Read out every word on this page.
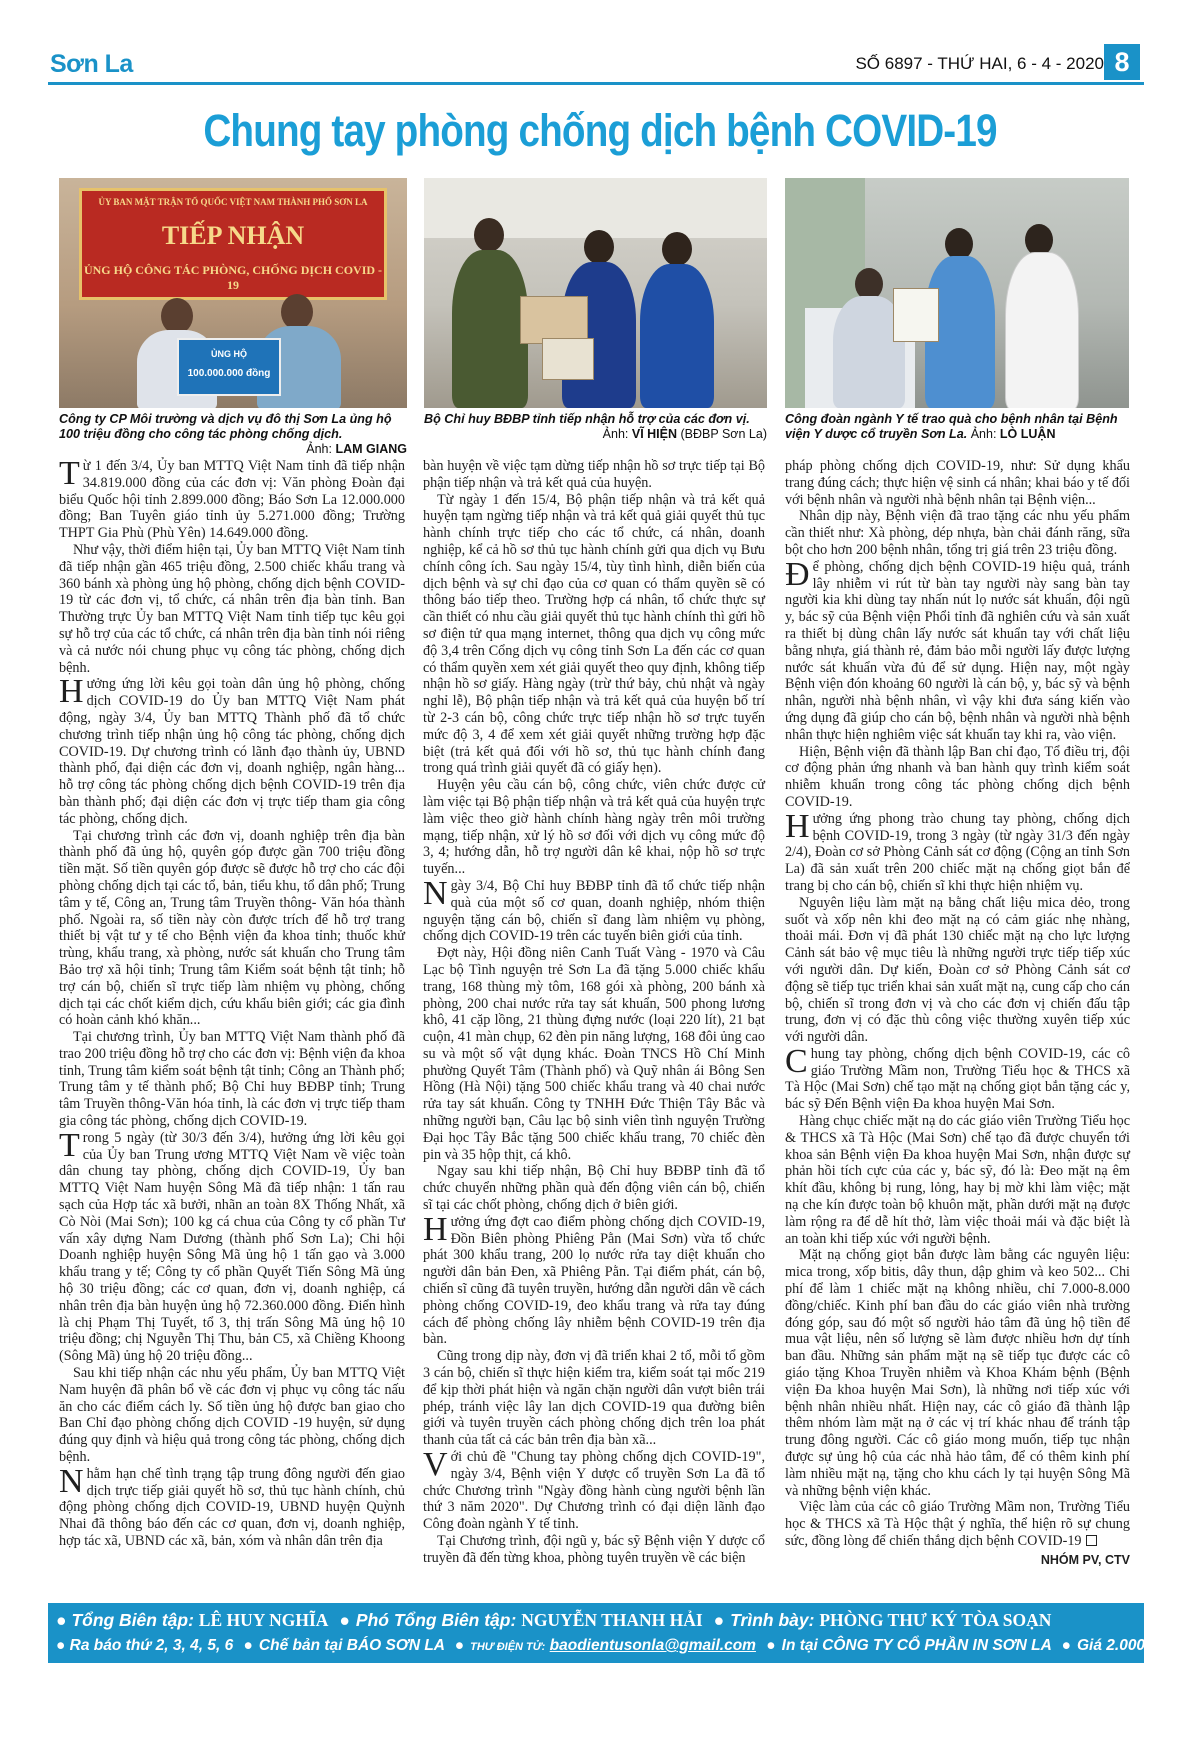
Sơn La	SỐ 6897 - THỨ HAI, 6 - 4 - 2020 8
Chung tay phòng chống dịch bệnh COVID-19
ỦY BAN MẶT TRẬN TỔ QUỐC VIỆT NAM THÀNH PHỐ SƠN LA
TIẾP NHẬN
ỦNG HỘ CÔNG TÁC PHÒNG, CHỐNG DỊCH COVID - 19
ỦNG HỘ
100.000.000 đồng
Công ty CP Môi trường và dịch vụ đô thị Sơn La ủng hộ 100 triệu đồng cho công tác phòng chống dịch.
Ảnh: LAM GIANG
Bộ Chỉ huy BĐBP tỉnh tiếp nhận hỗ trợ của các đơn vị.
Ảnh: VĨ HIỆN (BĐBP Sơn La)
Công đoàn ngành Y tế trao quà cho bệnh nhân tại Bệnh viện Y dược cổ truyền Sơn La. Ảnh: LÒ LUẬN

Từ 1 đến 3/4, Ủy ban MTTQ Việt Nam tỉnh đã tiếp nhận 34.819.000 đồng của các đơn vị: Văn phòng Đoàn đại biểu Quốc hội tỉnh 2.899.000 đồng; Báo Sơn La 12.000.000 đồng; Ban Tuyên giáo tỉnh ủy 5.271.000 đồng; Trường THPT Gia Phù (Phù Yên) 14.649.000 đồng.

Như vậy, thời điểm hiện tại, Ủy ban MTTQ Việt Nam tỉnh đã tiếp nhận gần 465 triệu đồng, 2.500 chiếc khẩu trang và 360 bánh xà phòng ủng hộ phòng, chống dịch bệnh COVID-19 từ các đơn vị, tổ chức, cá nhân trên địa bàn tỉnh. Ban Thường trực Ủy ban MTTQ Việt Nam tỉnh tiếp tục kêu gọi sự hỗ trợ của các tổ chức, cá nhân trên địa bàn tỉnh nói riêng và cả nước nói chung phục vụ công tác phòng, chống dịch bệnh.

Hưởng ứng lời kêu gọi toàn dân ủng hộ phòng, chống dịch COVID-19 do Ủy ban MTTQ Việt Nam phát động, ngày 3/4, Ủy ban MTTQ Thành phố đã tổ chức chương trình tiếp nhận ủng hộ công tác phòng, chống dịch COVID-19. Dự chương trình có lãnh đạo thành ủy, UBND thành phố, đại diện các đơn vị, doanh nghiệp, ngân hàng... hỗ trợ công tác phòng chống dịch bệnh COVID-19 trên địa bàn thành phố; đại diện các đơn vị trực tiếp tham gia công tác phòng, chống dịch.

Tại chương trình các đơn vị, doanh nghiệp trên địa bàn thành phố đã ủng hộ, quyên góp được gần 700 triệu đồng tiền mặt. Số tiền quyên góp được sẽ được hỗ trợ cho các đội phòng chống dịch tại các tổ, bản, tiểu khu, tổ dân phố; Trung tâm y tế, Công an, Trung tâm Truyền thông- Văn hóa thành phố. Ngoài ra, số tiền này còn được trích để hỗ trợ trang thiết bị vật tư y tế cho Bệnh viện đa khoa tỉnh; thuốc khử trùng, khẩu trang, xà phòng, nước sát khuẩn cho Trung tâm Bảo trợ xã hội tỉnh; Trung tâm Kiểm soát bệnh tật tỉnh; hỗ trợ cán bộ, chiến sĩ trực tiếp làm nhiệm vụ phòng, chống dịch tại các chốt kiểm dịch, cứu khẩu biên giới; các gia đình có hoàn cảnh khó khăn...

Tại chương trình, Ủy ban MTTQ Việt Nam thành phố đã trao 200 triệu đồng hỗ trợ cho các đơn vị: Bệnh viện đa khoa tỉnh, Trung tâm kiểm soát bệnh tật tỉnh; Công an Thành phố; Trung tâm y tế thành phố; Bộ Chỉ huy BĐBP tỉnh; Trung tâm Truyền thông-Văn hóa tỉnh, là các đơn vị trực tiếp tham gia công tác phòng, chống dịch COVID-19.

Trong 5 ngày (từ 30/3 đến 3/4), hưởng ứng lời kêu gọi của Ủy ban Trung ương MTTQ Việt Nam về việc toàn dân chung tay phòng, chống dịch COVID-19, Ủy ban MTTQ Việt Nam huyện Sông Mã đã tiếp nhận: 1 tấn rau sạch của Hợp tác xã bưởi, nhãn an toàn 8X Thống Nhất, xã Cò Nòi (Mai Sơn); 100 kg cá chua của Công ty cổ phần Tư vấn xây dựng Nam Dương (thành phố Sơn La); Chi hội Doanh nghiệp huyện Sông Mã ủng hộ 1 tấn gạo và 3.000 khẩu trang y tế; Công ty cổ phần Quyết Tiến Sông Mã ủng hộ 30 triệu đồng; các cơ quan, đơn vị, doanh nghiệp, cá nhân trên địa bàn huyện ủng hộ 72.360.000 đồng. Điển hình là chị Phạm Thị Tuyết, tổ 3, thị trấn Sông Mã ủng hộ 10 triệu đồng; chị Nguyễn Thị Thu, bản C5, xã Chiềng Khoong (Sông Mã) ủng hộ 20 triệu đồng...

Sau khi tiếp nhận các nhu yếu phẩm, Ủy ban MTTQ Việt Nam huyện đã phân bổ về các đơn vị phục vụ công tác nấu ăn cho các điểm cách ly. Số tiền ủng hộ được ban giao cho Ban Chỉ đạo phòng chống dịch COVID -19 huyện, sử dụng đúng quy định và hiệu quả trong công tác phòng, chống dịch bệnh.

Nhằm hạn chế tình trạng tập trung đông người đến giao dịch trực tiếp giải quyết hồ sơ, thủ tục hành chính, chủ động phòng chống dịch COVID-19, UBND huyện Quỳnh Nhai đã thông báo đến các cơ quan, đơn vị, doanh nghiệp, hợp tác xã, UBND các xã, bản, xóm và nhân dân trên địa

bàn huyện về việc tạm dừng tiếp nhận hồ sơ trực tiếp tại Bộ phận tiếp nhận và trả kết quả của huyện.

Từ ngày 1 đến 15/4, Bộ phận tiếp nhận và trả kết quả huyện tạm ngừng tiếp nhận và trả kết quả giải quyết thủ tục hành chính trực tiếp cho các tổ chức, cá nhân, doanh nghiệp, kể cả hồ sơ thủ tục hành chính gửi qua dịch vụ Bưu chính công ích. Sau ngày 15/4, tùy tình hình, diễn biến của dịch bệnh và sự chỉ đạo của cơ quan có thẩm quyền sẽ có thông báo tiếp theo. Trường hợp cá nhân, tổ chức thực sự cần thiết có nhu cầu giải quyết thủ tục hành chính thì gửi hồ sơ điện tử qua mạng internet, thông qua dịch vụ công mức độ 3,4 trên Cổng dịch vụ công tỉnh Sơn La đến các cơ quan có thẩm quyền xem xét giải quyết theo quy định, không tiếp nhận hồ sơ giấy. Hàng ngày (trừ thứ bảy, chủ nhật và ngày nghỉ lễ), Bộ phận tiếp nhận và trả kết quả của huyện bố trí từ 2-3 cán bộ, công chức trực tiếp nhận hồ sơ trực tuyến mức độ 3, 4 để xem xét giải quyết những trường hợp đặc biệt (trả kết quả đối với hồ sơ, thủ tục hành chính đang trong quá trình giải quyết đã có giấy hẹn).

Huyện yêu cầu cán bộ, công chức, viên chức được cử làm việc tại Bộ phận tiếp nhận và trả kết quả của huyện trực làm việc theo giờ hành chính hàng ngày trên môi trường mạng, tiếp nhận, xử lý hồ sơ đối với dịch vụ công mức độ 3, 4; hướng dẫn, hỗ trợ người dân kê khai, nộp hồ sơ trực tuyến...

Ngày 3/4, Bộ Chỉ huy BĐBP tỉnh đã tổ chức tiếp nhận quà của một số cơ quan, doanh nghiệp, nhóm thiện nguyện tặng cán bộ, chiến sĩ đang làm nhiệm vụ phòng, chống dịch COVID-19 trên các tuyến biên giới của tỉnh.

Đợt này, Hội đồng niên Canh Tuất Vàng - 1970 và Câu Lạc bộ Tình nguyện trẻ Sơn La đã tặng 5.000 chiếc khẩu trang, 168 thùng mỳ tôm, 168 gói xà phòng, 200 bánh xà phòng, 200 chai nước rửa tay sát khuẩn, 500 phong lương khô, 41 cặp lồng, 21 thùng đựng nước (loại 220 lít), 21 bạt cuộn, 41 màn chụp, 62 đèn pin năng lượng, 168 đôi ủng cao su và một số vật dụng khác. Đoàn TNCS Hồ Chí Minh phường Quyết Tâm (Thành phố) và Quỹ nhân ái Bông Sen Hồng (Hà Nội) tặng 500 chiếc khẩu trang và 40 chai nước rửa tay sát khuẩn. Công ty TNHH Đức Thiện Tây Bắc và những người bạn, Câu lạc bộ sinh viên tình nguyện Trường Đại học Tây Bắc tặng 500 chiếc khẩu trang, 70 chiếc đèn pin và 35 hộp thịt, cá khô.

Ngay sau khi tiếp nhận, Bộ Chỉ huy BĐBP tỉnh đã tổ chức chuyển những phần quà đến động viên cán bộ, chiến sĩ tại các chốt phòng, chống dịch ở biên giới.

Hưởng ứng đợt cao điểm phòng chống dịch COVID-19, Đồn Biên phòng Phiêng Pằn (Mai Sơn) vừa tổ chức phát 300 khẩu trang, 200 lọ nước rửa tay diệt khuẩn cho người dân bản Đen, xã Phiêng Pằn. Tại điểm phát, cán bộ, chiến sĩ cũng đã tuyên truyền, hướng dẫn người dân về cách phòng chống COVID-19, đeo khẩu trang và rửa tay đúng cách để phòng chống lây nhiễm bệnh COVID-19 trên địa bàn.

Cũng trong dịp này, đơn vị đã triển khai 2 tổ, mỗi tổ gồm 3 cán bộ, chiến sĩ thực hiện kiểm tra, kiểm soát tại mốc 219 để kịp thời phát hiện và ngăn chặn người dân vượt biên trái phép, tránh việc lây lan dịch COVID-19 qua đường biên giới và tuyên truyền cách phòng chống dịch trên loa phát thanh của tất cả các bản trên địa bàn xã...

Với chủ đề "Chung tay phòng chống dịch COVID-19", ngày 3/4, Bệnh viện Y dược cổ truyền Sơn La đã tổ chức Chương trình "Ngày đồng hành cùng người bệnh lần thứ 3 năm 2020". Dự Chương trình có đại diện lãnh đạo Công đoàn ngành Y tế tỉnh.

Tại Chương trình, đội ngũ y, bác sỹ Bệnh viện Y dược cổ truyền đã đến từng khoa, phòng tuyên truyền về các biện

pháp phòng chống dịch COVID-19, như: Sử dụng khẩu trang đúng cách; thực hiện vệ sinh cá nhân; khai báo y tế đối với bệnh nhân và người nhà bệnh nhân tại Bệnh viện...

Nhân dịp này, Bệnh viện đã trao tặng các nhu yếu phẩm cần thiết như: Xà phòng, dép nhựa, bàn chải đánh răng, sữa bột cho hơn 200 bệnh nhân, tổng trị giá trên 23 triệu đồng.

Để phòng, chống dịch bệnh COVID-19 hiệu quả, tránh lây nhiễm vi rút từ bàn tay người này sang bàn tay người kia khi dùng tay nhấn nút lọ nước sát khuẩn, đội ngũ y, bác sỹ của Bệnh viện Phổi tỉnh đã nghiên cứu và sản xuất ra thiết bị dùng chân lấy nước sát khuẩn tay với chất liệu bằng nhựa, giá thành rẻ, đảm bảo mỗi người lấy được lượng nước sát khuẩn vừa đủ để sử dụng. Hiện nay, một ngày Bệnh viện đón khoảng 60 người là cán bộ, y, bác sỹ và bệnh nhân, người nhà bệnh nhân, vì vậy khi đưa sáng kiến vào ứng dụng đã giúp cho cán bộ, bệnh nhân và người nhà bệnh nhân thực hiện nghiêm việc sát khuẩn tay khi ra, vào viện.

Hiện, Bệnh viện đã thành lập Ban chỉ đạo, Tổ điều trị, đội cơ động phản ứng nhanh và ban hành quy trình kiểm soát nhiễm khuẩn trong công tác phòng chống dịch bệnh COVID-19.

Hưởng ứng phong trào chung tay phòng, chống dịch bệnh COVID-19, trong 3 ngày (từ ngày 31/3 đến ngày 2/4), Đoàn cơ sở Phòng Cảnh sát cơ động (Cộng an tỉnh Sơn La) đã sản xuất trên 200 chiếc mặt nạ chống giọt bắn để trang bị cho cán bộ, chiến sĩ khi thực hiện nhiệm vụ.

Nguyên liệu làm mặt nạ bằng chất liệu mica dẻo, trong suốt và xốp nên khi đeo mặt nạ có cảm giác nhẹ nhàng, thoải mái. Đơn vị đã phát 130 chiếc mặt nạ cho lực lượng Cảnh sát bảo vệ mục tiêu là những người trực tiếp tiếp xúc với người dân. Dự kiến, Đoàn cơ sở Phòng Cảnh sát cơ động sẽ tiếp tục triển khai sản xuất mặt nạ, cung cấp cho cán bộ, chiến sĩ trong đơn vị và cho các đơn vị chiến đấu tập trung, đơn vị có đặc thù công việc thường xuyên tiếp xúc với người dân.

Chung tay phòng, chống dịch bệnh COVID-19, các cô giáo Trường Mầm non, Trường Tiểu học & THCS xã Tà Hộc (Mai Sơn) chế tạo mặt nạ chống giọt bắn tặng các y, bác sỹ Đến Bệnh viện Đa khoa huyện Mai Sơn.

Hàng chục chiếc mặt nạ do các giáo viên Trường Tiểu học & THCS xã Tà Hộc (Mai Sơn) chế tạo đã được chuyển tới khoa sản Bệnh viện Đa khoa huyện Mai Sơn, nhận được sự phản hồi tích cực của các y, bác sỹ, đó là: Đeo mặt nạ êm khít đầu, không bị rung, lỏng, hay bị mờ khi làm việc; mặt nạ che kín được toàn bộ khuôn mặt, phần dưới mặt nạ được làm rộng ra để dễ hít thở, làm việc thoải mái và đặc biệt là an toàn khi tiếp xúc với người bệnh.

Mặt nạ chống giọt bắn được làm bằng các nguyên liệu: mica trong, xốp bitis, dây thun, dập ghim và keo 502... Chi phí để làm 1 chiếc mặt nạ không nhiều, chỉ 7.000-8.000 đồng/chiếc. Kinh phí ban đầu do các giáo viên nhà trường đóng góp, sau đó một số người hảo tâm đã ủng hộ tiền để mua vật liệu, nên số lượng sẽ làm được nhiều hơn dự tính ban đầu. Những sản phẩm mặt nạ sẽ tiếp tục được các cô giáo tặng Khoa Truyền nhiễm và Khoa Khám bệnh (Bệnh viện Đa khoa huyện Mai Sơn), là những nơi tiếp xúc với bệnh nhân nhiều nhất. Hiện nay, các cô giáo đã thành lập thêm nhóm làm mặt nạ ở các vị trí khác nhau để tránh tập trung đông người. Các cô giáo mong muốn, tiếp tục nhận được sự ủng hộ của các nhà hảo tâm, để có thêm kinh phí làm nhiều mặt nạ, tặng cho khu cách ly tại huyện Sông Mã và những bệnh viện khác.

Việc làm của các cô giáo Trường Mầm non, Trường Tiểu học & THCS xã Tà Hộc thật ý nghĩa, thể hiện rõ sự chung sức, đồng lòng để chiến thắng dịch bệnh COVID-19

NHÓM PV, CTV
● Tổng Biên tập: LÊ HUY NGHĨA ● Phó Tổng Biên tập: NGUYỄN THANH HẢI ● Trình bày: PHÒNG THƯ KÝ TÒA SOẠN
● Ra báo thứ 2, 3, 4, 5, 6 ● Chế bản tại BÁO SƠN LA ● THƯ ĐIỆN TỬ: baodientusonla@gmail.com ● In tại CÔNG TY CỔ PHẦN IN SƠN LA ● Giá 2.000đ
